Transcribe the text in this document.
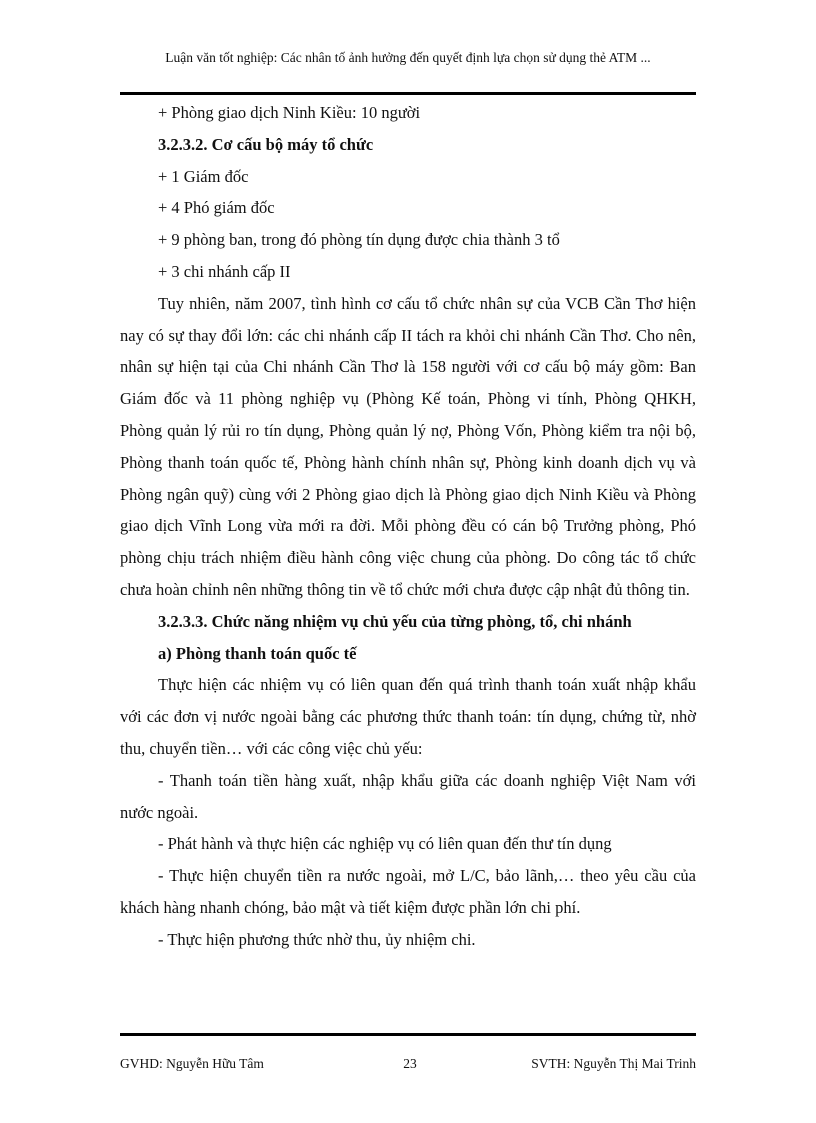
Luận văn tốt nghiệp: Các nhân tố ảnh hưởng đến quyết định lựa chọn sử dụng thẻ ATM ...

+ Phòng giao dịch Ninh Kiều: 10 người

3.2.3.2. Cơ cấu bộ máy tổ chức

+ 1 Giám đốc

+ 4 Phó giám đốc

+ 9 phòng ban, trong đó phòng tín dụng được chia thành 3 tổ

+ 3 chi nhánh cấp II

Tuy nhiên, năm 2007, tình hình cơ cấu tổ chức nhân sự của VCB Cần Thơ hiện nay có sự thay đổi lớn: các chi nhánh cấp II tách ra khỏi chi nhánh Cần Thơ. Cho nên, nhân sự hiện tại của Chi nhánh Cần Thơ là 158 người với cơ cấu bộ máy gồm: Ban Giám đốc và 11 phòng nghiệp vụ (Phòng Kế toán, Phòng vi tính, Phòng QHKH, Phòng quản lý rủi ro tín dụng, Phòng quản lý nợ, Phòng Vốn, Phòng kiểm tra nội bộ, Phòng thanh toán quốc tế, Phòng hành chính nhân sự, Phòng kinh doanh dịch vụ và Phòng ngân quỹ) cùng với 2 Phòng giao dịch là Phòng giao dịch Ninh Kiều và Phòng giao dịch Vĩnh Long vừa mới ra đời. Mỗi phòng đều có cán bộ Trưởng phòng, Phó phòng chịu trách nhiệm điều hành công việc chung của phòng. Do công tác tổ chức chưa hoàn chỉnh nên những thông tin về tổ chức mới chưa được cập nhật đủ thông tin.

3.2.3.3. Chức năng nhiệm vụ chủ yếu của từng phòng, tổ, chi nhánh

a) Phòng thanh toán quốc tế

Thực hiện các nhiệm vụ có liên quan đến quá trình thanh toán xuất nhập khẩu với các đơn vị nước ngoài bằng các phương thức thanh toán: tín dụng, chứng từ, nhờ thu, chuyển tiền… với các công việc chủ yếu:

- Thanh toán tiền hàng xuất, nhập khẩu giữa các doanh nghiệp Việt Nam với nước ngoài.

- Phát hành và thực hiện các nghiệp vụ có liên quan đến thư tín dụng

- Thực hiện chuyển tiền ra nước ngoài, mở L/C, bảo lãnh,… theo yêu cầu của khách hàng nhanh chóng, bảo mật và tiết kiệm được phần lớn chi phí.

- Thực hiện phương thức nhờ thu, ủy nhiệm chi.

GVHD: Nguyễn Hữu Tâm	23	SVTH: Nguyễn Thị Mai Trinh
